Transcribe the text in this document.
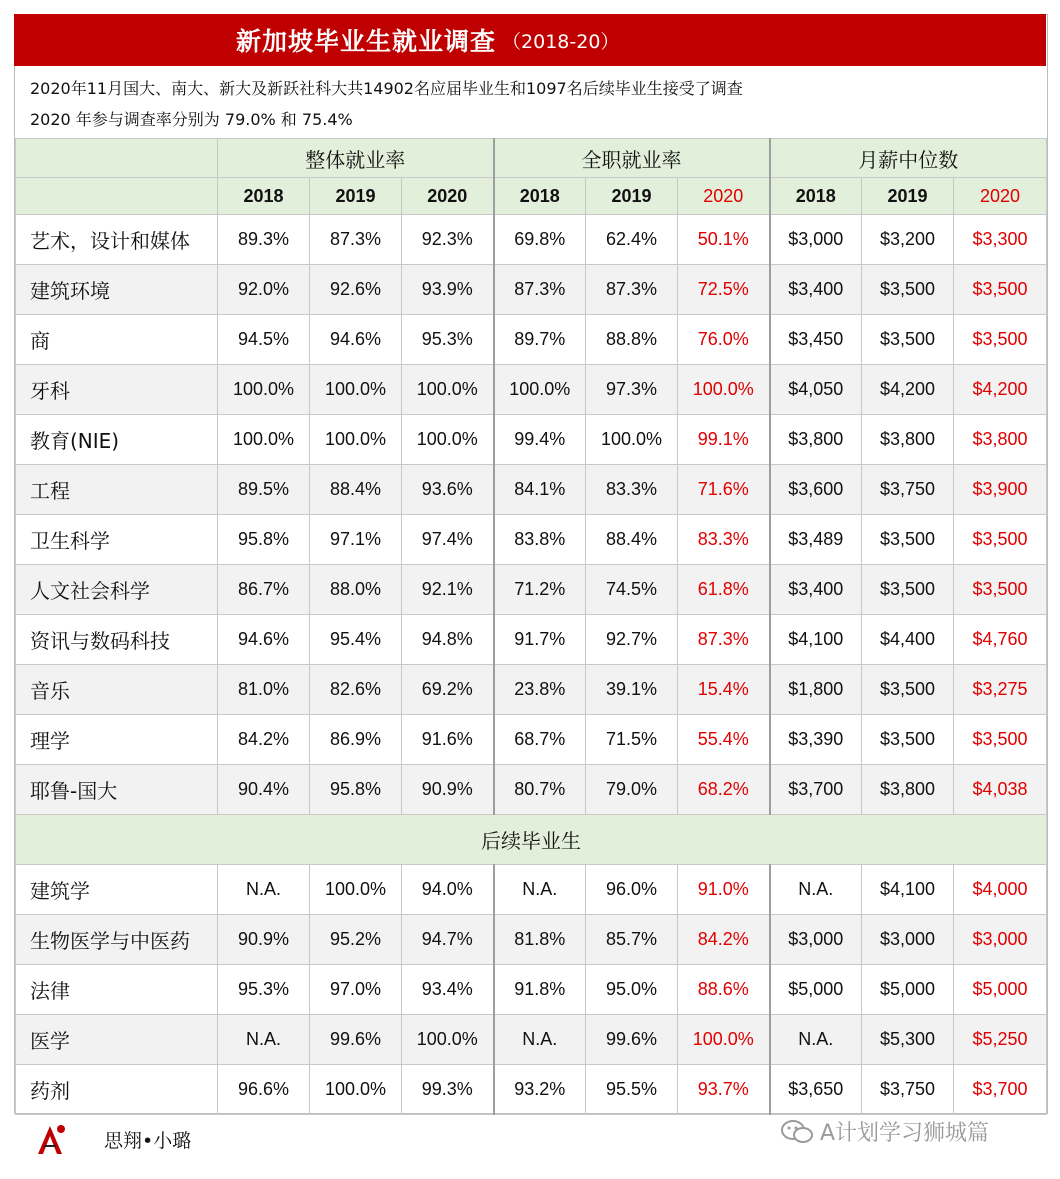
新加坡毕业生就业调查 （2018-20）
2020年11月国大、南大、新大及新跃社科大共14902名应届毕业生和1097名后续毕业生接受了调查
2020 年参与调查率分别为 79.0% 和 75.4%
	整体就业率			全职就业率			月薪中位数		
	2018	2019	2020	2018	2019	2020	2018	2019	2020
艺术，设计和媒体	89.3%	87.3%	92.3%	69.8%	62.4%	50.1%	$3,000	$3,200	$3,300
建筑环境	92.0%	92.6%	93.9%	87.3%	87.3%	72.5%	$3,400	$3,500	$3,500
商	94.5%	94.6%	95.3%	89.7%	88.8%	76.0%	$3,450	$3,500	$3,500
牙科	100.0%	100.0%	100.0%	100.0%	97.3%	100.0%	$4,050	$4,200	$4,200
教育(NIE)	100.0%	100.0%	100.0%	99.4%	100.0%	99.1%	$3,800	$3,800	$3,800
工程	89.5%	88.4%	93.6%	84.1%	83.3%	71.6%	$3,600	$3,750	$3,900
卫生科学	95.8%	97.1%	97.4%	83.8%	88.4%	83.3%	$3,489	$3,500	$3,500
人文社会科学	86.7%	88.0%	92.1%	71.2%	74.5%	61.8%	$3,400	$3,500	$3,500
资讯与数码科技	94.6%	95.4%	94.8%	91.7%	92.7%	87.3%	$4,100	$4,400	$4,760
音乐	81.0%	82.6%	69.2%	23.8%	39.1%	15.4%	$1,800	$3,500	$3,275
理学	84.2%	86.9%	91.6%	68.7%	71.5%	55.4%	$3,390	$3,500	$3,500
耶鲁-国大	90.4%	95.8%	90.9%	80.7%	79.0%	68.2%	$3,700	$3,800	$4,038
后续毕业生									
建筑学	N.A.	100.0%	94.0%	N.A.	96.0%	91.0%	N.A.	$4,100	$4,000
生物医学与中医药	90.9%	95.2%	94.7%	81.8%	85.7%	84.2%	$3,000	$3,000	$3,000
法律	95.3%	97.0%	93.4%	91.8%	95.0%	88.6%	$5,000	$5,000	$5,000
医学	N.A.	99.6%	100.0%	N.A.	99.6%	100.0%	N.A.	$5,300	$5,250
药剂	96.6%	100.0%	99.3%	93.2%	95.5%	93.7%	$3,650	$3,750	$3,700
思翔•小璐	A计划学习狮城篇
